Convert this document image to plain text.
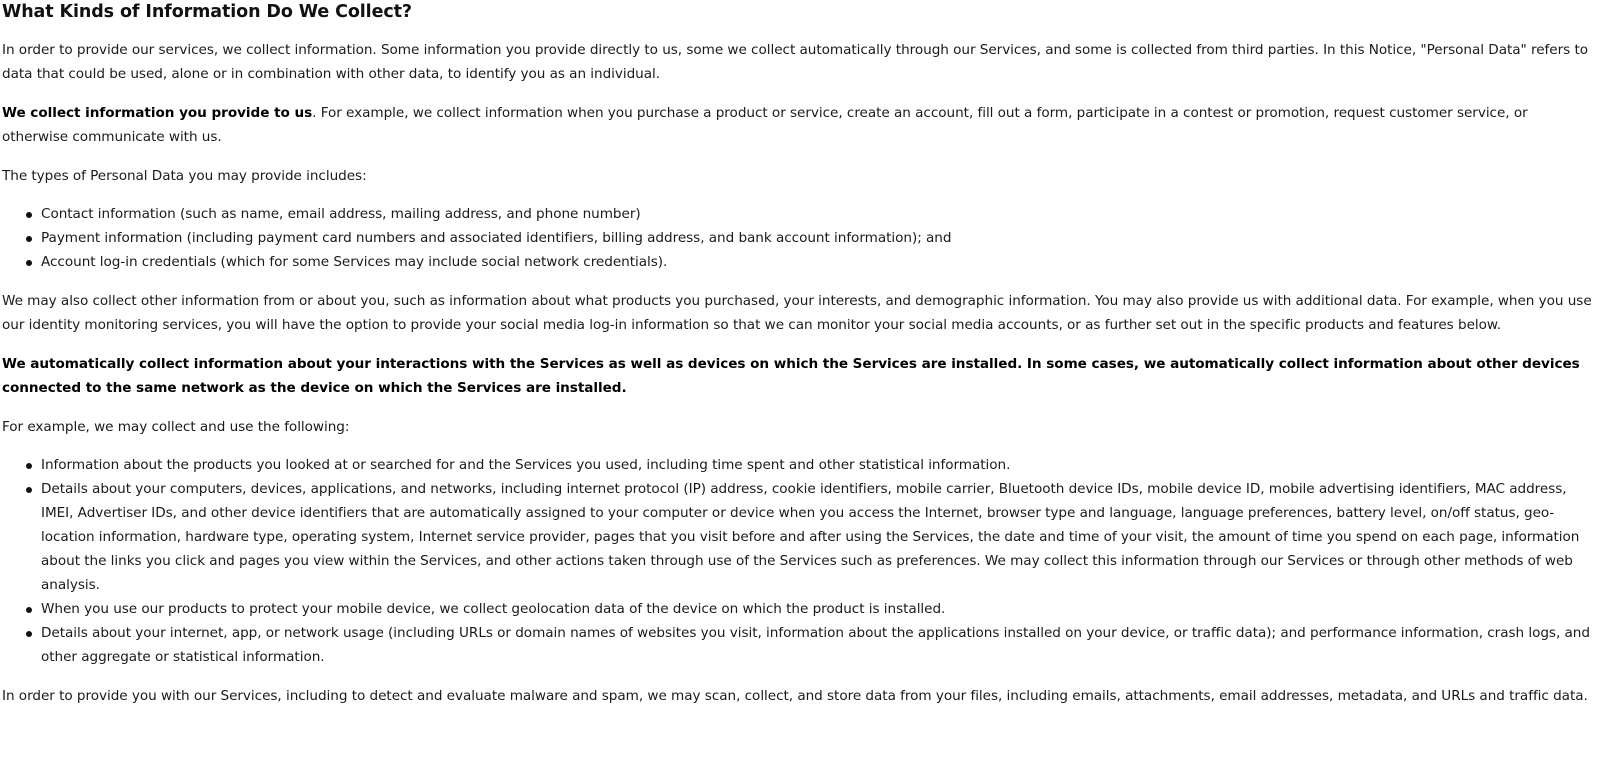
What Kinds of Information Do We Collect?

In order to provide our services, we collect information. Some information you provide directly to us, some we collect automatically through our Services, and some is collected from third parties. In this Notice, "Personal Data" refers to data that could be used, alone or in combination with other data, to identify you as an individual.

We collect information you provide to us. For example, we collect information when you purchase a product or service, create an account, fill out a form, participate in a contest or promotion, request customer service, or otherwise communicate with us.

The types of Personal Data you may provide includes:

Contact information (such as name, email address, mailing address, and phone number)
Payment information (including payment card numbers and associated identifiers, billing address, and bank account information); and
Account log-in credentials (which for some Services may include social network credentials).

We may also collect other information from or about you, such as information about what products you purchased, your interests, and demographic information. You may also provide us with additional data. For example, when you use our identity monitoring services, you will have the option to provide your social media log-in information so that we can monitor your social media accounts, or as further set out in the specific products and features below.

We automatically collect information about your interactions with the Services as well as devices on which the Services are installed. In some cases, we automatically collect information about other devices connected to the same network as the device on which the Services are installed.

For example, we may collect and use the following:

Information about the products you looked at or searched for and the Services you used, including time spent and other statistical information.
Details about your computers, devices, applications, and networks, including internet protocol (IP) address, cookie identifiers, mobile carrier, Bluetooth device IDs, mobile device ID, mobile advertising identifiers, MAC address, IMEI, Advertiser IDs, and other device identifiers that are automatically assigned to your computer or device when you access the Internet, browser type and language, language preferences, battery level, on/off status, geo-location information, hardware type, operating system, Internet service provider, pages that you visit before and after using the Services, the date and time of your visit, the amount of time you spend on each page, information about the links you click and pages you view within the Services, and other actions taken through use of the Services such as preferences. We may collect this information through our Services or through other methods of web analysis.
When you use our products to protect your mobile device, we collect geolocation data of the device on which the product is installed.
Details about your internet, app, or network usage (including URLs or domain names of websites you visit, information about the applications installed on your device, or traffic data); and performance information, crash logs, and other aggregate or statistical information.

In order to provide you with our Services, including to detect and evaluate malware and spam, we may scan, collect, and store data from your files, including emails, attachments, email addresses, metadata, and URLs and traffic data.
